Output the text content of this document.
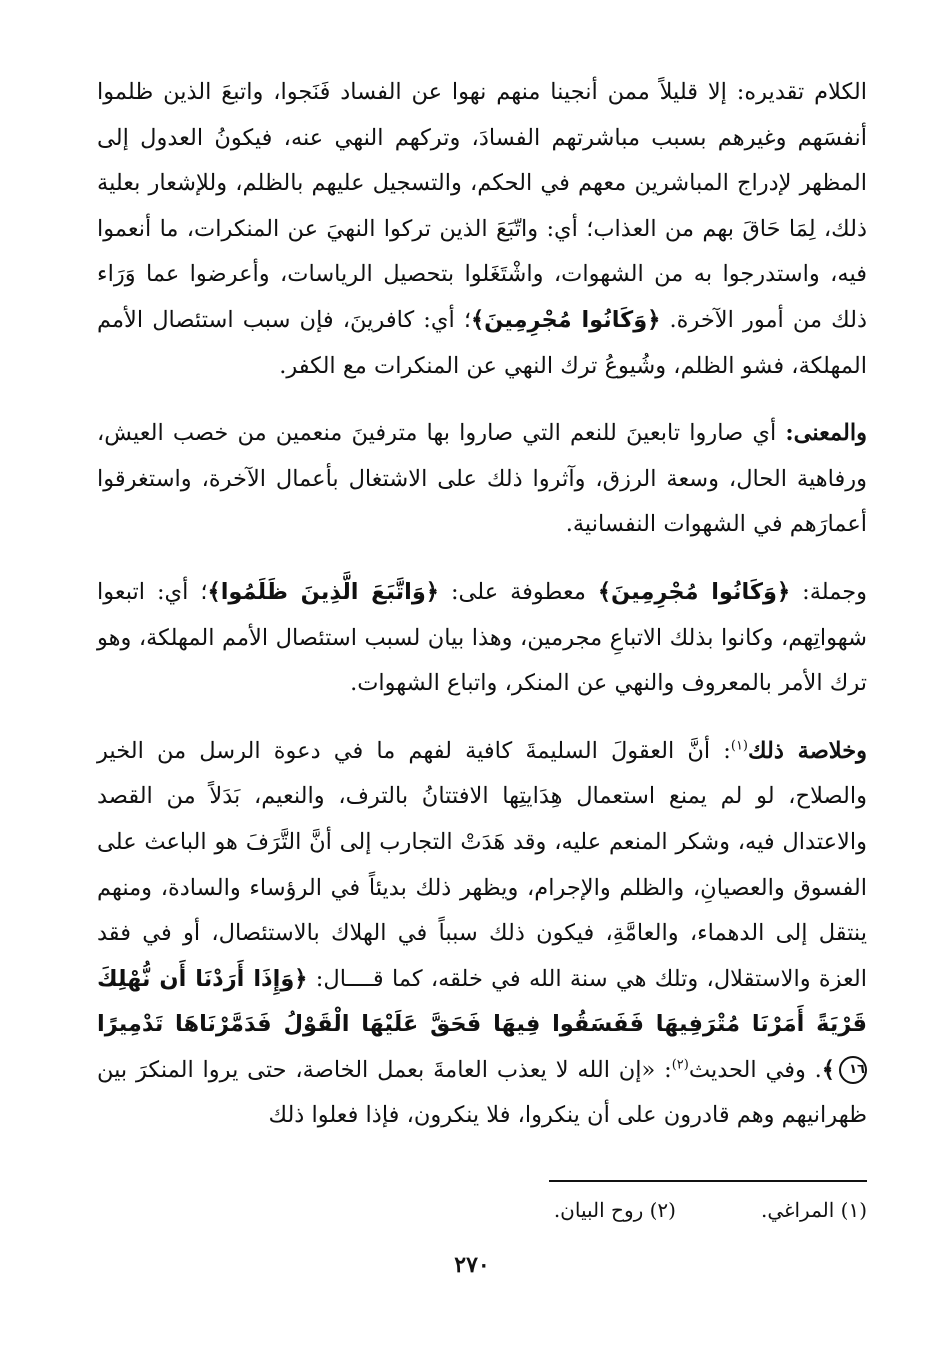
الكلام تقديره: إلا قليلاً ممن أنجينا منهم نهوا عن الفساد فَنَجوا، واتبعَ الذين ظلموا أنفسَهم وغيرهم بسبب مباشرتهم الفسادَ، وتركهم النهي عنه، فيكونُ العدول إلى المظهر لإدراج المباشرين معهم في الحكم، والتسجيل عليهم بالظلم، وللإشعار بعلية ذلك، لِمَا حَاقَ بهم من العذاب؛ أي: واتّبَعَ الذين تركوا النهيَ عن المنكرات، ما أنعموا فيه، واستدرجوا به من الشهوات، واشْتَغَلوا بتحصيل الرياسات، وأعرضوا عما وَرَاء ذلك من أمور الآخرة. ﴿وَكَانُوا مُجْرِمِينَ﴾؛ أي: كافرينَ، فإن سبب استئصال الأمم المهلكة، فشو الظلم، وشُيوعُ ترك النهي عن المنكرات مع الكفر.

والمعنى: أي صاروا تابعينَ للنعم التي صاروا بها مترفينَ منعمين من خصب العيش، ورفاهية الحال، وسعة الرزق، وآثروا ذلك على الاشتغال بأعمال الآخرة، واستغرقوا أعمارَهم في الشهوات النفسانية.

وجملة: ﴿وَكَانُوا مُجْرِمِينَ﴾ معطوفة على: ﴿وَاتَّبَعَ الَّذِينَ ظَلَمُوا﴾؛ أي: اتبعوا شهواتِهم، وكانوا بذلك الاتباعِ مجرمين، وهذا بيان لسبب استئصال الأمم المهلكة، وهو ترك الأمر بالمعروف والنهي عن المنكر، واتباع الشهوات.

وخلاصة ذلك$^{(١)}$: أنَّ العقولَ السليمةَ كافية لفهم ما في دعوة الرسل من الخير والصلاح، لو لم يمنع استعمال هِدَايتِها الافتتانُ بالترف، والنعيم، بَدَلاً من القصد والاعتدال فيه، وشكر المنعم عليه، وقد هَدَتْ التجارب إلى أنَّ التَّرَفَ هو الباعث على الفسوق والعصيانِ، والظلم والإجرام، ويظهر ذلك بديئاً في الرؤساء والسادة، ومنهم ينتقل إلى الدهماء، والعامَّةِ، فيكون ذلك سبباً في الهلاك بالاستئصال، أو في فقد العزة والاستقلال، وتلك هي سنة الله في خلقه، كما قــــال: ﴿وَإِذَا أَرَدْنَا أَن نُّهْلِكَ قَرْيَةً أَمَرْنَا مُتْرَفِيهَا فَفَسَقُوا فِيهَا فَحَقَّ عَلَيْهَا الْقَوْلُ فَدَمَّرْنَاهَا تَدْمِيرًا ١٦﴾. وفي الحديث$^{(٢)}$: «إن الله لا يعذب العامةَ بعمل الخاصة، حتى يروا المنكرَ بين ظهرانيهم وهم قادرون على أن ينكروا، فلا ينكرون، فإذا فعلوا ذلك

(١) المراغي.
(٢) روح البيان.
٢٧٠
